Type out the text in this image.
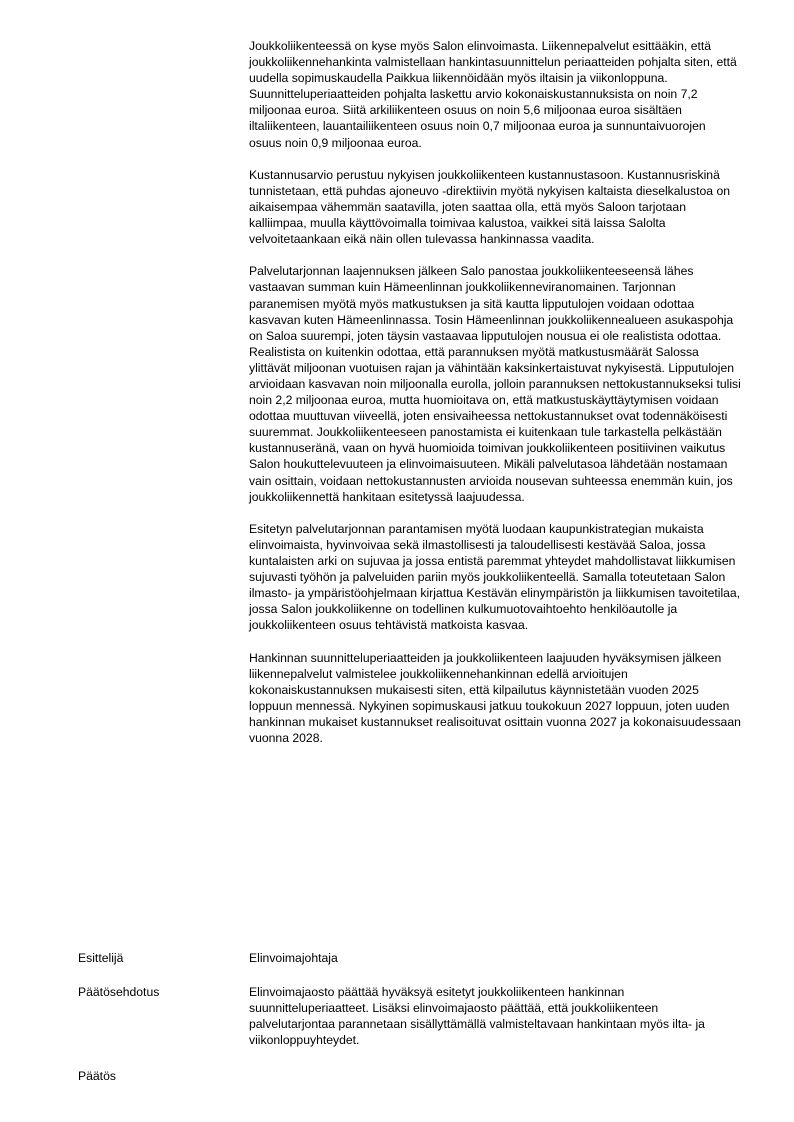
Joukkoliikenteessä on kyse myös Salon elinvoimasta. Liikennepalvelut esittääkin, että joukkoliikennehankinta valmistellaan hankintasuunnittelun periaatteiden pohjalta siten, että uudella sopimuskaudella Paikkua liikennöidään myös iltaisin ja viikonloppuna. Suunnitteluperiaatteiden pohjalta laskettu arvio kokonaiskustannuksista on noin 7,2 miljoonaa euroa. Siitä arkiliikenteen osuus on noin 5,6 miljoonaa euroa sisältäen iltaliikenteen, lauantailiikenteen osuus noin 0,7 miljoonaa euroa ja sunnuntaivuorojen osuus noin 0,9 miljoonaa euroa.

Kustannusarvio perustuu nykyisen joukkoliikenteen kustannustasoon. Kustannusriskinä tunnistetaan, että puhdas ajoneuvo -direktiivin myötä nykyisen kaltaista dieselkalustoa on aikaisempaa vähemmän saatavilla, joten saattaa olla, että myös Saloon tarjotaan kalliimpaa, muulla käyttövoimalla toimivaa kalustoa, vaikkei sitä laissa Salolta velvoitetaankaan eikä näin ollen tulevassa hankinnassa vaadita.

Palvelutarjonnan laajennuksen jälkeen Salo panostaa joukkoliikenteeseensä lähes vastaavan summan kuin Hämeenlinnan joukkoliikenneviranomainen. Tarjonnan paranemisen myötä myös matkustuksen ja sitä kautta lipputulojen voidaan odottaa kasvavan kuten Hämeenlinnassa. Tosin Hämeenlinnan joukkoliikennealueen asukaspohja on Saloa suurempi, joten täysin vastaavaa lipputulojen nousua ei ole realistista odottaa. Realistista on kuitenkin odottaa, että parannuksen myötä matkustusmäärät Salossa ylittävät miljoonan vuotuisen rajan ja vähintään kaksinkertaistuvat nykyisestä. Lipputulojen arvioidaan kasvavan noin miljoonalla eurolla, jolloin parannuksen nettokustannukseksi tulisi noin 2,2 miljoonaa euroa, mutta huomioitava on, että matkustuskäyttäytymisen voidaan odottaa muuttuvan viiveellä, joten ensivaiheessa nettokustannukset ovat todennäköisesti suuremmat. Joukkoliikenteeseen panostamista ei kuitenkaan tule tarkastella pelkästään kustannuseränä, vaan on hyvä huomioida toimivan joukkoliikenteen positiivinen vaikutus Salon houkuttelevuuteen ja elinvoimaisuuteen. Mikäli palvelutasoa lähdetään nostamaan vain osittain, voidaan nettokustannusten arvioida nousevan suhteessa enemmän kuin, jos joukkoliikennettä hankitaan esitetyssä laajuudessa.

Esitetyn palvelutarjonnan parantamisen myötä luodaan kaupunkistrategian mukaista elinvoimaista, hyvinvoivaa sekä ilmastollisesti ja taloudellisesti kestävää Saloa, jossa kuntalaisten arki on sujuvaa ja jossa entistä paremmat yhteydet mahdollistavat liikkumisen sujuvasti työhön ja palveluiden pariin myös joukkoliikenteellä. Samalla toteutetaan Salon ilmasto- ja ympäristöohjelmaan kirjattua Kestävän elinympäristön ja liikkumisen tavoitetilaa, jossa Salon joukkoliikenne on todellinen kulkumuotovaihtoehto henkilöautolle ja joukkoliikenteen osuus tehtävistä matkoista kasvaa.

Hankinnan suunnitteluperiaatteiden ja joukkoliikenteen laajuuden hyväksymisen jälkeen liikennepalvelut valmistelee joukkoliikennehankinnan edellä arvioitujen kokonaiskustannuksen mukaisesti siten, että kilpailutus käynnistetään vuoden 2025 loppuun mennessä. Nykyinen sopimuskausi jatkuu toukokuun 2027 loppuun, joten uuden hankinnan mukaiset kustannukset realisoituvat osittain vuonna 2027 ja kokonaisuudessaan vuonna 2028.

Esittelijä	Elinvoimajohtaja
Päätösehdotus	Elinvoimajaosto päättää hyväksyä esitetyt joukkoliikenteen hankinnan suunnitteluperiaatteet. Lisäksi elinvoimajaosto päättää, että joukkoliikenteen palvelutarjontaa parannetaan sisällyttämällä valmisteltavaan hankintaan myös ilta- ja viikonloppuyhteydet.
Päätös
